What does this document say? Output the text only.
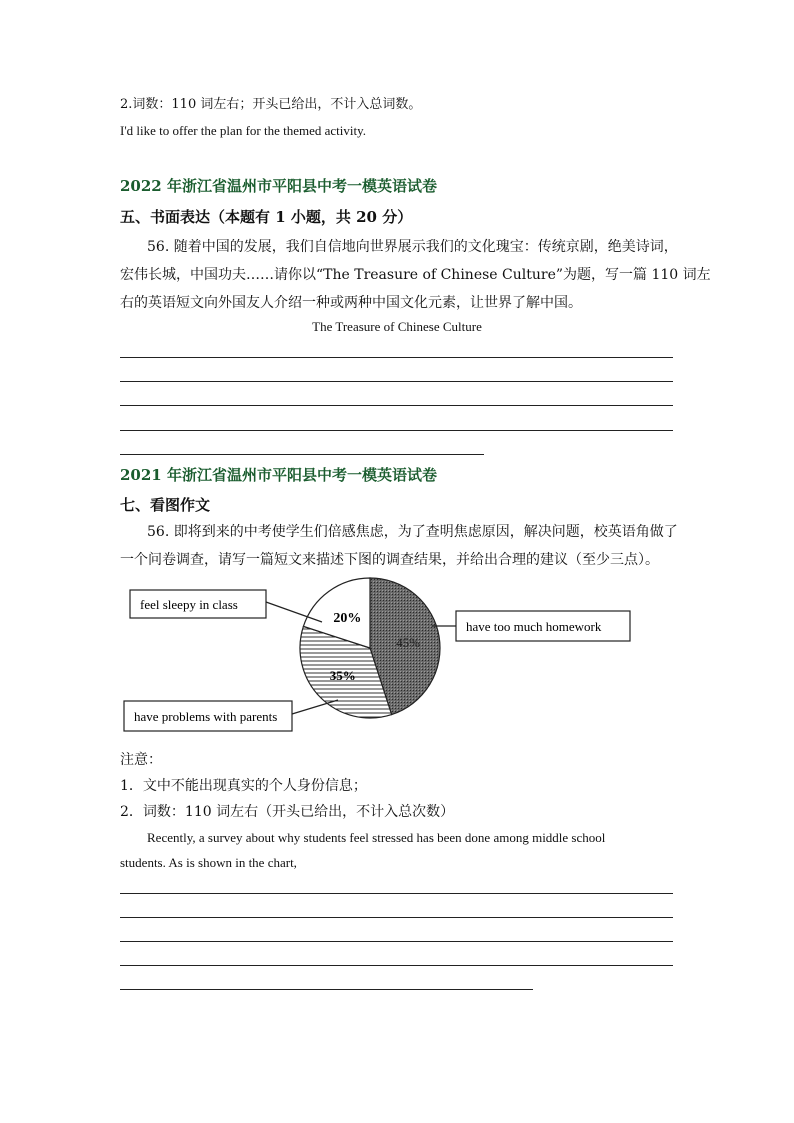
2.词数：110 词左右；开头已给出，不计入总词数。
I'd like to offer the plan for the themed activity.
2022 年浙江省温州市平阳县中考一模英语试卷
五、书面表达（本题有 1 小题，共 20 分）
56. 随着中国的发展，我们自信地向世界展示我们的文化瑰宝：传统京剧，绝美诗词，
宏伟长城，中国功夫……请你以“The Treasure of Chinese Culture”为题，写一篇 110 词左
右的英语短文向外国友人介绍一种或两种中国文化元素，让世界了解中国。
The Treasure of Chinese Culture
2021 年浙江省温州市平阳县中考一模英语试卷
七、看图作文
56. 即将到来的中考使学生们倍感焦虑，为了查明焦虑原因，解决问题，校英语角做了
一个问卷调查，请写一篇短文来描述下图的调查结果，并给出合理的建议（至少三点）。
feel sleepy in class
have too much homework
have problems with parents
45%
35%
20%
注意：
1．文中不能出现真实的个人身份信息；
2．词数：110 词左右（开头已给出，不计入总次数）
Recently, a survey about why students feel stressed has been done among middle school
students. As is shown in the chart,
